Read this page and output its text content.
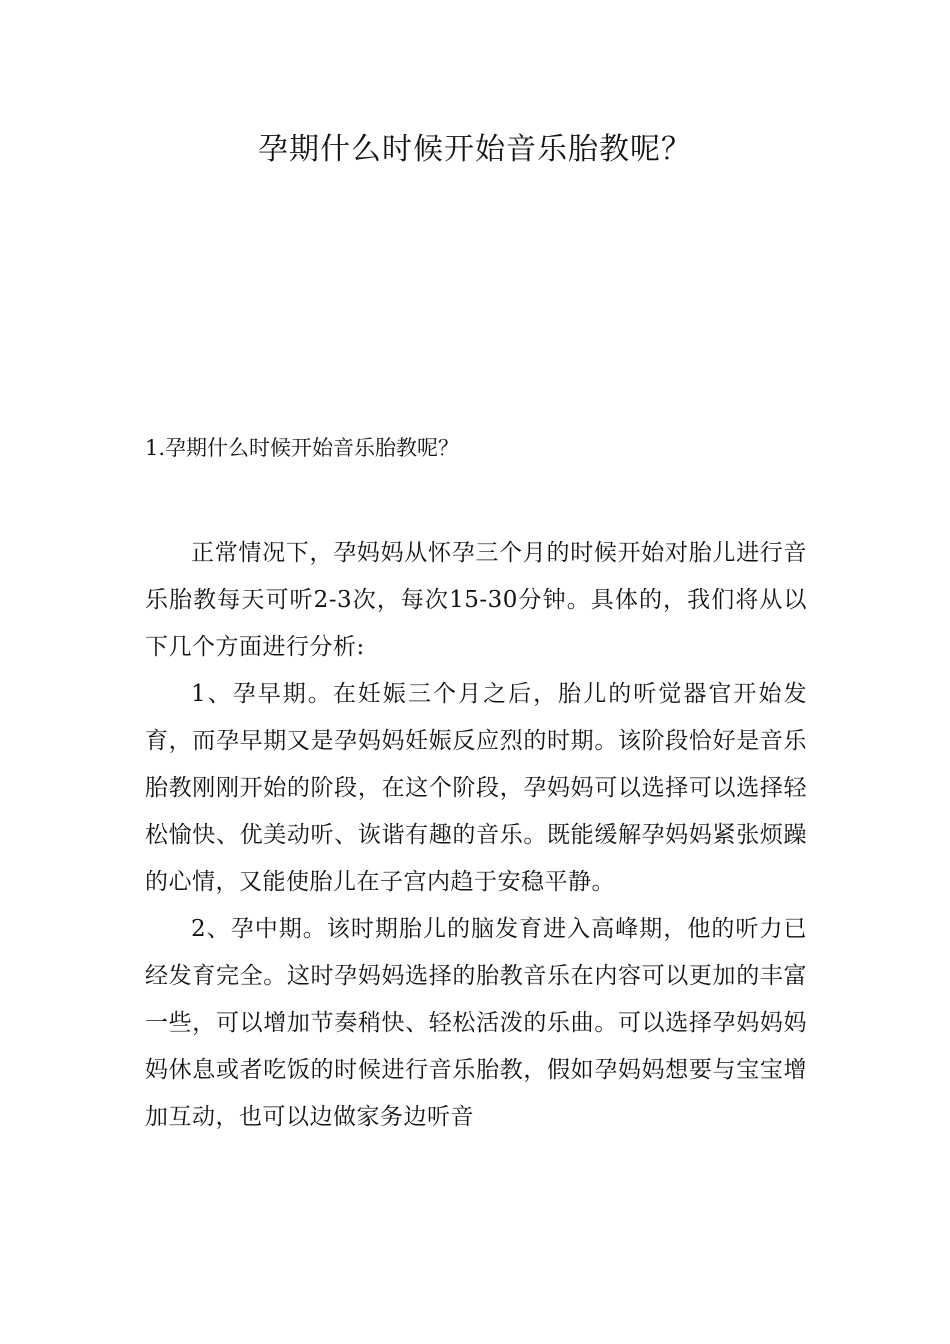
孕期什么时候开始音乐胎教呢？
1.孕期什么时候开始音乐胎教呢？

正常情况下，孕妈妈从怀孕三个月的时候开始对胎儿进行音乐胎教每天可听2-3次，每次15-30分钟。具体的，我们将从以下几个方面进行分析:

1、孕早期。在妊娠三个月之后，胎儿的听觉器官开始发育，而孕早期又是孕妈妈妊娠反应烈的时期。该阶段恰好是音乐胎教刚刚开始的阶段，在这个阶段，孕妈妈可以选择可以选择轻松愉快、优美动听、诙谐有趣的音乐。既能缓解孕妈妈紧张烦躁的心情，又能使胎儿在子宫内趋于安稳平静。

2、孕中期。该时期胎儿的脑发育进入高峰期，他的听力已经发育完全。这时孕妈妈选择的胎教音乐在内容可以更加的丰富一些，可以增加节奏稍快、轻松活泼的乐曲。可以选择孕妈妈妈妈休息或者吃饭的时候进行音乐胎教，假如孕妈妈想要与宝宝增加互动，也可以边做家务边听音
